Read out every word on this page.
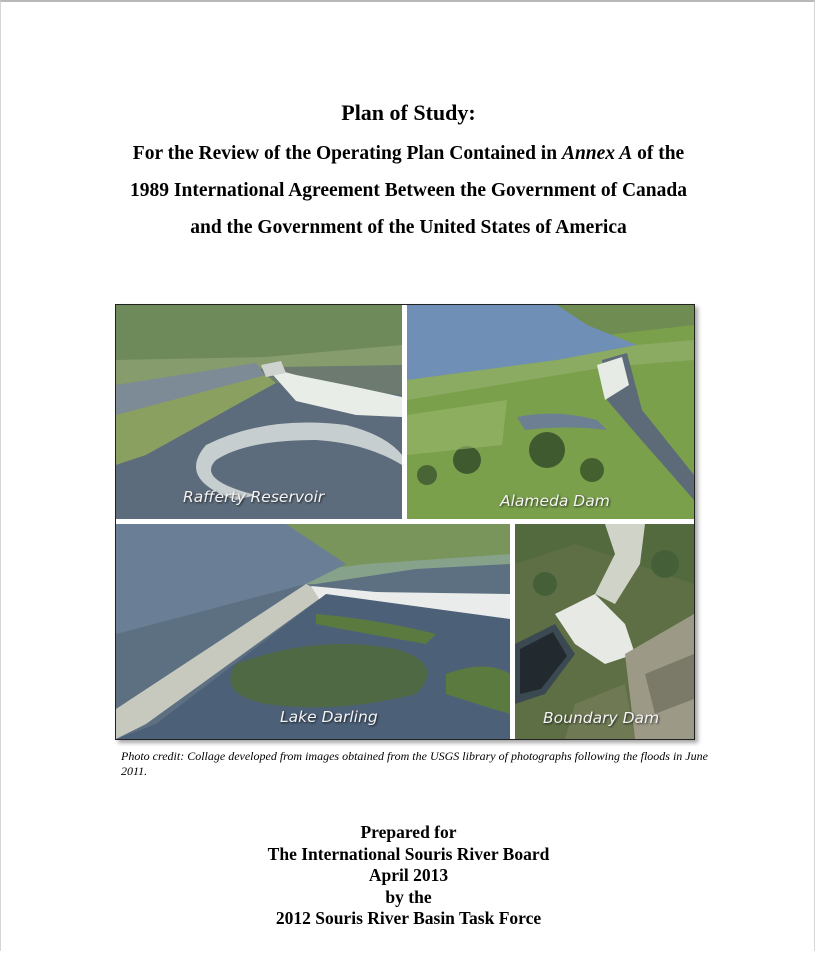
Plan of Study:
For the Review of the Operating Plan Contained in Annex A of the
1989 International Agreement Between the Government of Canada
and the Government of the United States of America
Rafferty Reservoir	Alameda Dam
Lake Darling	Boundary Dam
Photo credit: Collage developed from images obtained from the USGS library of photographs following the floods in June 2011.
Prepared for
The International Souris River Board
April 2013
by the
2012 Souris River Basin Task Force
